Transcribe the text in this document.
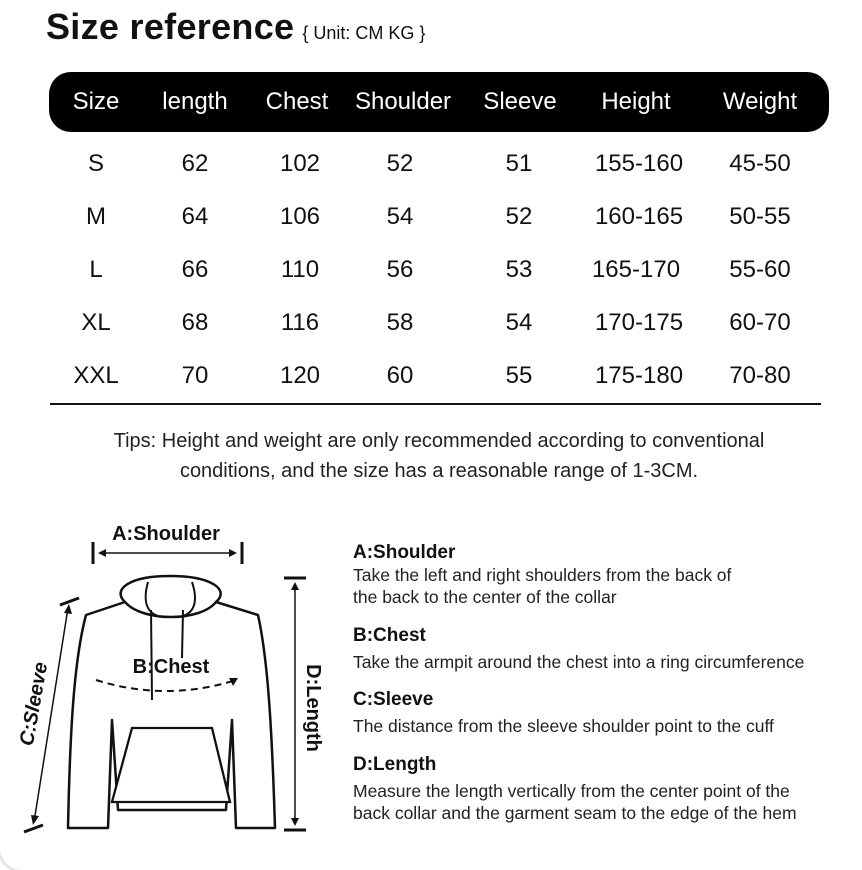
Size reference { Unit: CM KG }
Size length Chest Shoulder Sleeve Height Weight
S	62	102	52	51	155-160 45-50
M	64	106	54	52	160-165 50-55
L	66	110	56	53 165-170 55-60
XL	68	116	58	54	170-175 60-70
XXL	70	120	60	55	175-180 70-80
Tips: Height and weight are only recommended according to conventional
conditions, and the size has a reasonable range of 1-3CM.
A:Shoulder
B:Chest
C:Sleeve	D:Length
A:Shoulder
Take the left and right shoulders from the back of
the back to the center of the collar
B:Chest
Take the armpit around the chest into a ring circumference
C:Sleeve
The distance from the sleeve shoulder point to the cuff
D:Length
Measure the length vertically from the center point of the
back collar and the garment seam to the edge of the hem
